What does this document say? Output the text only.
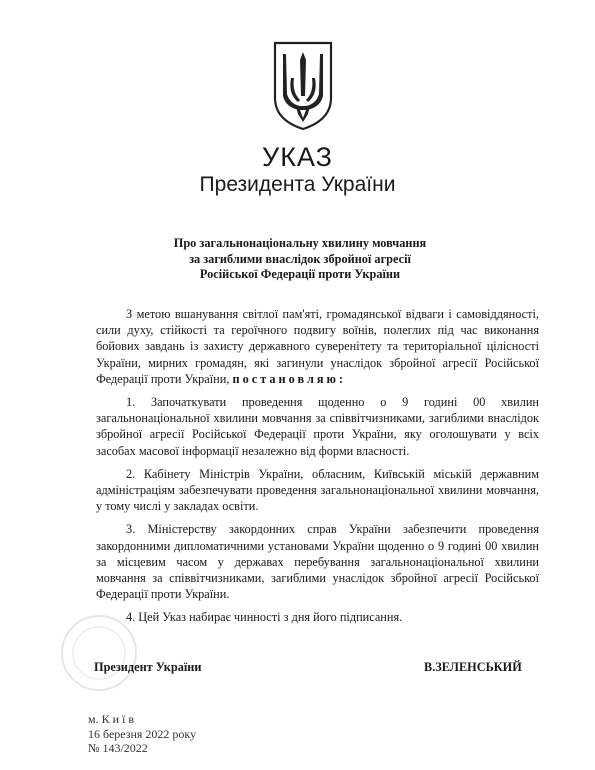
УКАЗ
Президента України
Про загальнонаціональну хвилину мовчання
за загиблими внаслідок збройної агресії
Російської Федерації проти України

З метою вшанування світлої пам'яті, громадянської відваги і самовіддяності, сили духу, стійкості та героїчного подвигу воїнів, полеглих під час виконання бойових завдань із захисту державного суверенітету та територіальної цілісності України, мирних громадян, які загинули унаслідок збройної агресії Російської Федерації проти України, постановляю:

1. Започаткувати проведення щоденно о 9 годині 00 хвилин загальнонаціональної хвилини мовчання за співвітчизниками, загиблими внаслідок збройної агресії Російської Федерації проти України, яку оголошувати у всіх засобах масової інформації незалежно від форми власності.

2. Кабінету Міністрів України, обласним, Київській міській державним адміністраціям забезпечувати проведення загальнонаціональної хвилини мовчання, у тому числі у закладах освіти.

3. Міністерству закордонних справ України забезпечити проведення закордонними дипломатичними установами України щоденно о 9 годині 00 хвилин за місцевим часом у державах перебування загальнонаціональної хвилини мовчання за співвітчизниками, загиблими унаслідок збройної агресії Російської Федерації проти України.

4. Цей Указ набирає чинності з дня його підписання.

Президент України	В.ЗЕЛЕНСЬКИЙ
м. К и ї в
16 березня 2022 року
№ 143/2022
